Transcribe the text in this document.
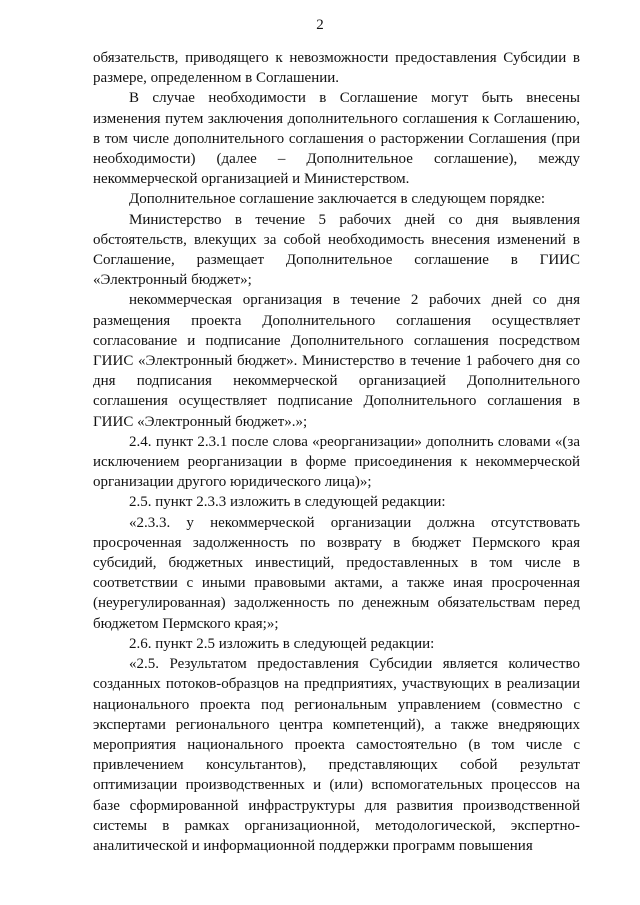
2

обязательств, приводящего к невозможности предоставления Субсидии в размере, определенном в Соглашении.

В случае необходимости в Соглашение могут быть внесены изменения путем заключения дополнительного соглашения к Соглашению, в том числе дополнительного соглашения о расторжении Соглашения (при необходимости) (далее – Дополнительное соглашение), между некоммерческой организацией и Министерством.

Дополнительное соглашение заключается в следующем порядке:

Министерство в течение 5 рабочих дней со дня выявления обстоятельств, влекущих за собой необходимость внесения изменений в Соглашение, размещает Дополнительное соглашение в ГИИС «Электронный бюджет»;

некоммерческая организация в течение 2 рабочих дней со дня размещения проекта Дополнительного соглашения осуществляет согласование и подписание Дополнительного соглашения посредством ГИИС «Электронный бюджет». Министерство в течение 1 рабочего дня со дня подписания некоммерческой организацией Дополнительного соглашения осуществляет подписание Дополнительного соглашения в ГИИС «Электронный бюджет».»;

2.4. пункт 2.3.1 после слова «реорганизации» дополнить словами «(за исключением реорганизации в форме присоединения к некоммерческой организации другого юридического лица)»;

2.5. пункт 2.3.3 изложить в следующей редакции:

«2.3.3. у некоммерческой организации должна отсутствовать просроченная задолженность по возврату в бюджет Пермского края субсидий, бюджетных инвестиций, предоставленных в том числе в соответствии с иными правовыми актами, а также иная просроченная (неурегулированная) задолженность по денежным обязательствам перед бюджетом Пермского края;»;

2.6. пункт 2.5 изложить в следующей редакции:

«2.5. Результатом предоставления Субсидии является количество созданных потоков-образцов на предприятиях, участвующих в реализации национального проекта под региональным управлением (совместно с экспертами регионального центра компетенций), а также внедряющих мероприятия национального проекта самостоятельно (в том числе с привлечением консультантов), представляющих собой результат оптимизации производственных и (или) вспомогательных процессов на базе сформированной инфраструктуры для развития производственной системы в рамках организационной, методологической, экспертно-аналитической и информационной поддержки программ повышения
